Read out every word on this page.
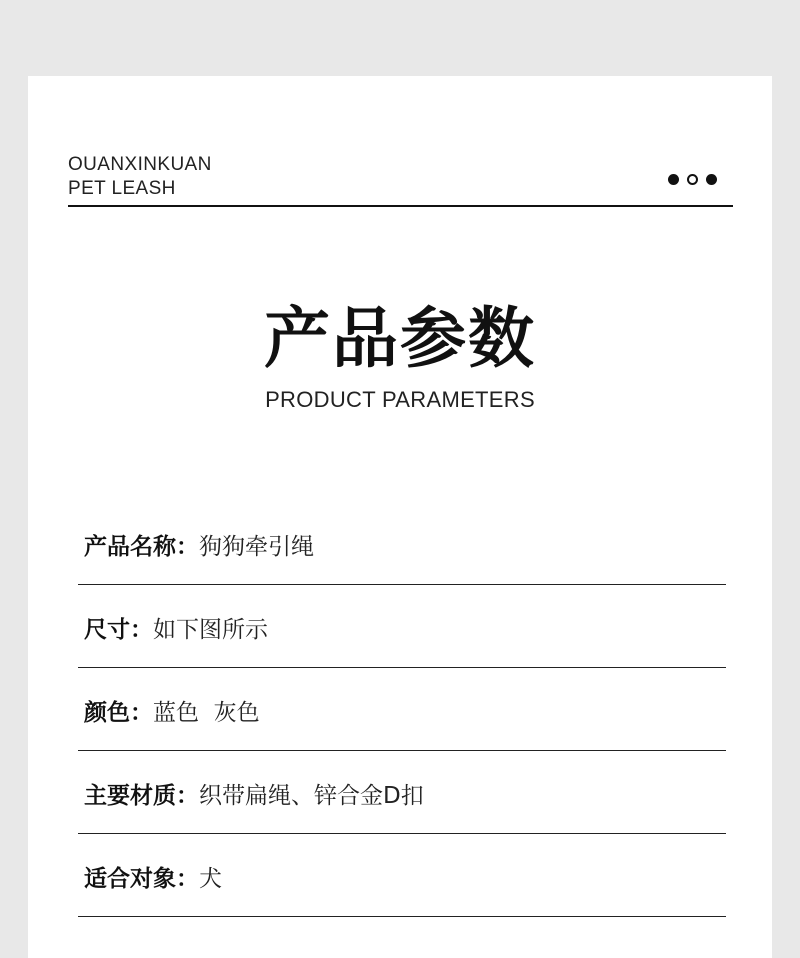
OUANXINKUAN
PET LEASH
产品参数
PRODUCT PARAMETERS
产品名称：狗狗牵引绳
尺寸：如下图所示
颜色：蓝色  灰色
主要材质：织带扁绳、锌合金D扣
适合对象：犬
